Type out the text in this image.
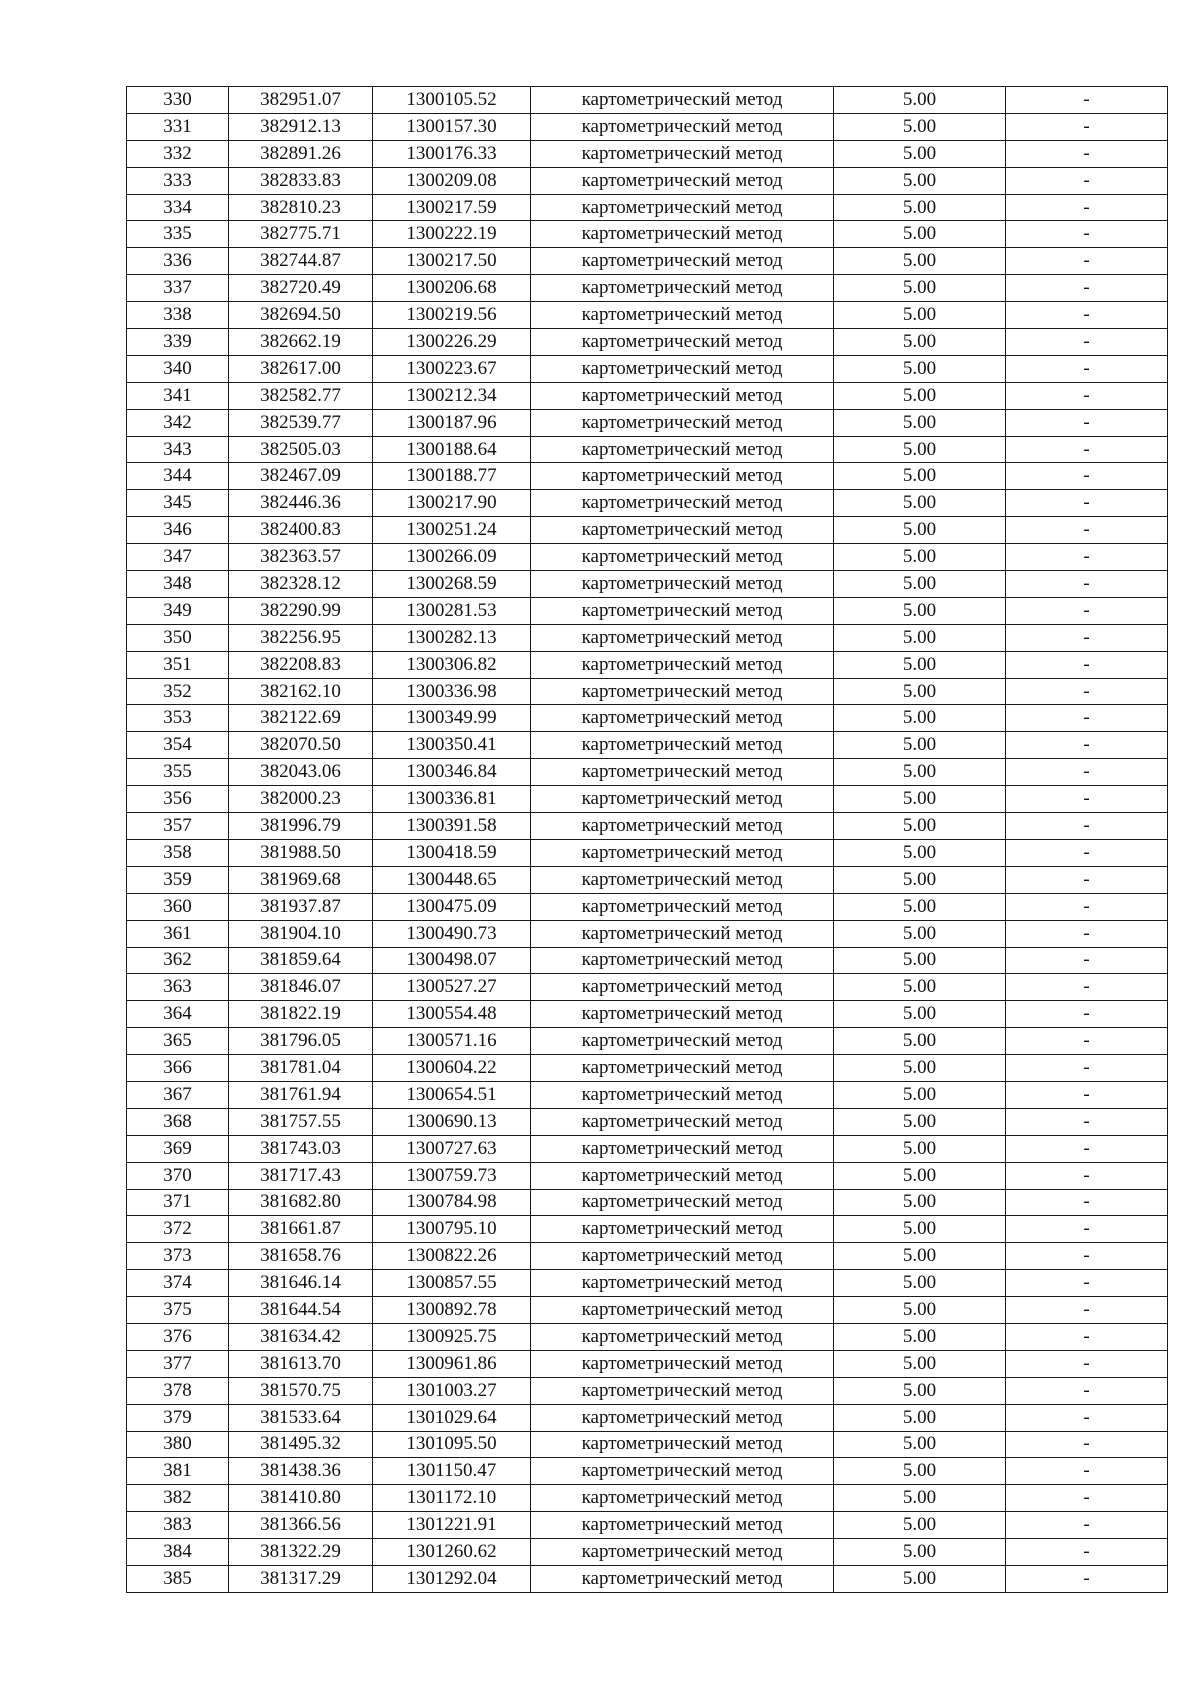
330	382951.07	1300105.52	картометрический метод	5.00	-
331	382912.13	1300157.30	картометрический метод	5.00	-
332	382891.26	1300176.33	картометрический метод	5.00	-
333	382833.83	1300209.08	картометрический метод	5.00	-
334	382810.23	1300217.59	картометрический метод	5.00	-
335	382775.71	1300222.19	картометрический метод	5.00	-
336	382744.87	1300217.50	картометрический метод	5.00	-
337	382720.49	1300206.68	картометрический метод	5.00	-
338	382694.50	1300219.56	картометрический метод	5.00	-
339	382662.19	1300226.29	картометрический метод	5.00	-
340	382617.00	1300223.67	картометрический метод	5.00	-
341	382582.77	1300212.34	картометрический метод	5.00	-
342	382539.77	1300187.96	картометрический метод	5.00	-
343	382505.03	1300188.64	картометрический метод	5.00	-
344	382467.09	1300188.77	картометрический метод	5.00	-
345	382446.36	1300217.90	картометрический метод	5.00	-
346	382400.83	1300251.24	картометрический метод	5.00	-
347	382363.57	1300266.09	картометрический метод	5.00	-
348	382328.12	1300268.59	картометрический метод	5.00	-
349	382290.99	1300281.53	картометрический метод	5.00	-
350	382256.95	1300282.13	картометрический метод	5.00	-
351	382208.83	1300306.82	картометрический метод	5.00	-
352	382162.10	1300336.98	картометрический метод	5.00	-
353	382122.69	1300349.99	картометрический метод	5.00	-
354	382070.50	1300350.41	картометрический метод	5.00	-
355	382043.06	1300346.84	картометрический метод	5.00	-
356	382000.23	1300336.81	картометрический метод	5.00	-
357	381996.79	1300391.58	картометрический метод	5.00	-
358	381988.50	1300418.59	картометрический метод	5.00	-
359	381969.68	1300448.65	картометрический метод	5.00	-
360	381937.87	1300475.09	картометрический метод	5.00	-
361	381904.10	1300490.73	картометрический метод	5.00	-
362	381859.64	1300498.07	картометрический метод	5.00	-
363	381846.07	1300527.27	картометрический метод	5.00	-
364	381822.19	1300554.48	картометрический метод	5.00	-
365	381796.05	1300571.16	картометрический метод	5.00	-
366	381781.04	1300604.22	картометрический метод	5.00	-
367	381761.94	1300654.51	картометрический метод	5.00	-
368	381757.55	1300690.13	картометрический метод	5.00	-
369	381743.03	1300727.63	картометрический метод	5.00	-
370	381717.43	1300759.73	картометрический метод	5.00	-
371	381682.80	1300784.98	картометрический метод	5.00	-
372	381661.87	1300795.10	картометрический метод	5.00	-
373	381658.76	1300822.26	картометрический метод	5.00	-
374	381646.14	1300857.55	картометрический метод	5.00	-
375	381644.54	1300892.78	картометрический метод	5.00	-
376	381634.42	1300925.75	картометрический метод	5.00	-
377	381613.70	1300961.86	картометрический метод	5.00	-
378	381570.75	1301003.27	картометрический метод	5.00	-
379	381533.64	1301029.64	картометрический метод	5.00	-
380	381495.32	1301095.50	картометрический метод	5.00	-
381	381438.36	1301150.47	картометрический метод	5.00	-
382	381410.80	1301172.10	картометрический метод	5.00	-
383	381366.56	1301221.91	картометрический метод	5.00	-
384	381322.29	1301260.62	картометрический метод	5.00	-
385	381317.29	1301292.04	картометрический метод	5.00	-
